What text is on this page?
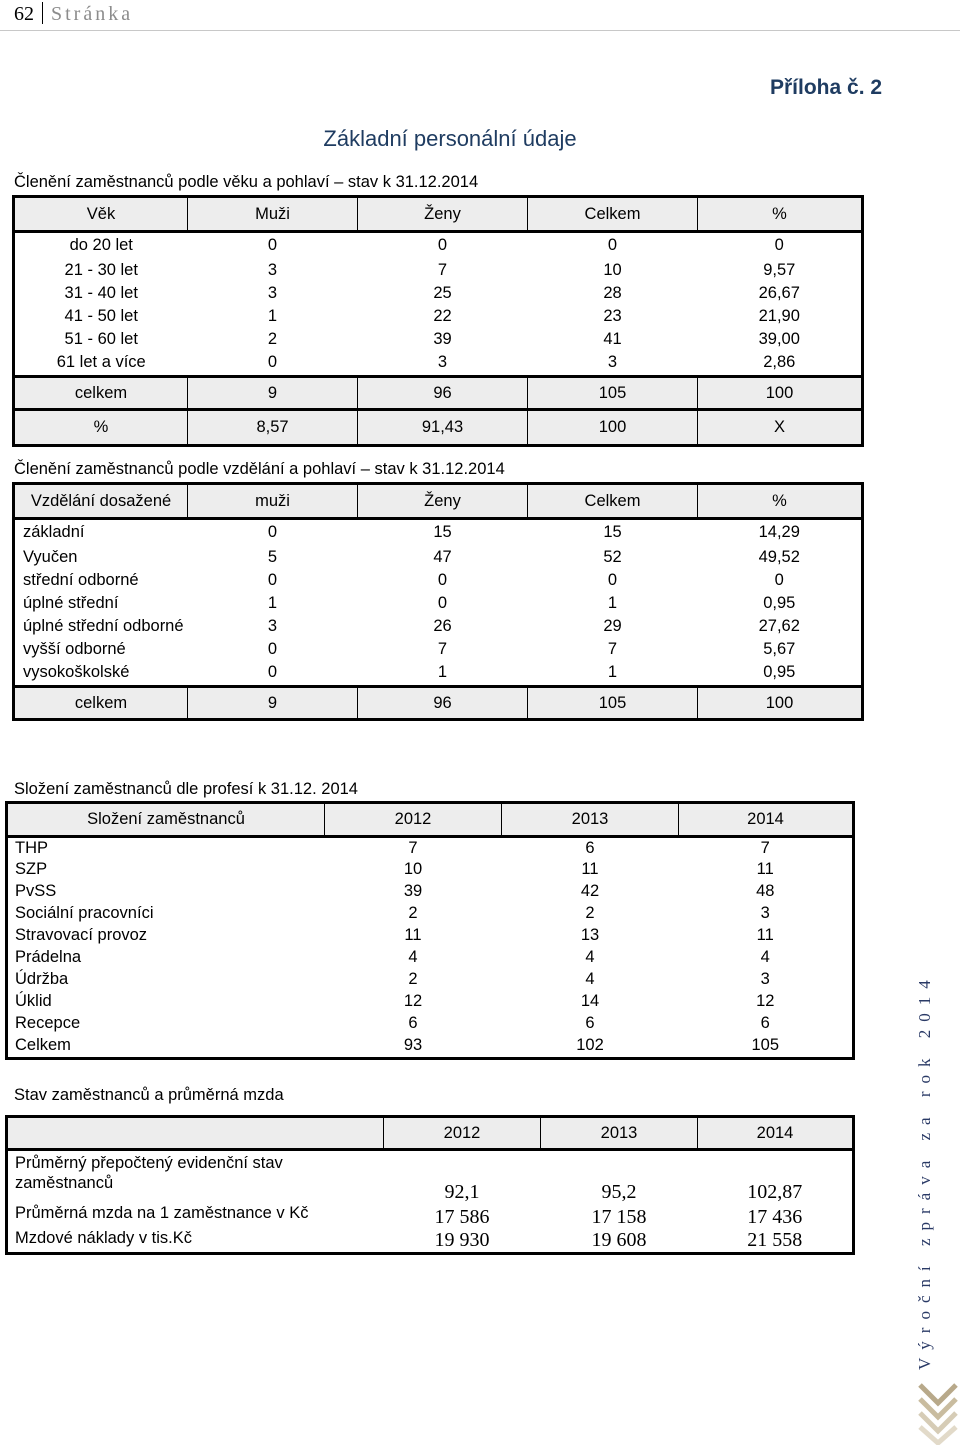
62 Stránka
Příloha č. 2
Základní personální údaje
Členění zaměstnanců podle věku a pohlaví – stav k 31.12.2014
Věk	Muži	Ženy	Celkem	%
do 20 let	0	0	0	0
21 - 30 let	3	7	10	9,57
31 - 40 let	3	25	28	26,67
41 - 50 let	1	22	23	21,90
51 - 60 let	2	39	41	39,00
61 let a více	0	3	3	2,86
celkem	9	96	105	100
%	8,57	91,43	100	X
Členění zaměstnanců podle vzdělání a pohlaví – stav k 31.12.2014
Vzdělání dosažené	muži	Ženy	Celkem	%
základní	0	15	15	14,29
Vyučen	5	47	52	49,52
střední odborné	0	0	0	0
úplné střední	1	0	1	0,95
úplné střední odborné	3	26	29	27,62
vyšší odborné	0	7	7	5,67
vysokoškolské	0	1	1	0,95
celkem	9	96	105	100
Složení zaměstnanců dle profesí k 31.12. 2014
Složení zaměstnanců	2012	2013	2014
THP	7	6	7
SZP	10	11	11
PvSS	39	42	48
Sociální pracovníci	2	2	3
Stravovací provoz	11	13	11
Prádelna	4	4	4
Údržba	2	4	3
Úklid	12	14	12
Recepce	6	6	6
Celkem	93	102	105
Stav zaměstnanců a průměrná mzda
	2012	2013	2014
Průměrný přepočtený evidenční stav zaměstnanců	92,1	95,2	102,87
Průměrná mzda na 1 zaměstnance v Kč	17 586	17 158	17 436
Mzdové náklady v tis.Kč	19 930	19 608	21 558	Výroční zpráva za rok 2014
